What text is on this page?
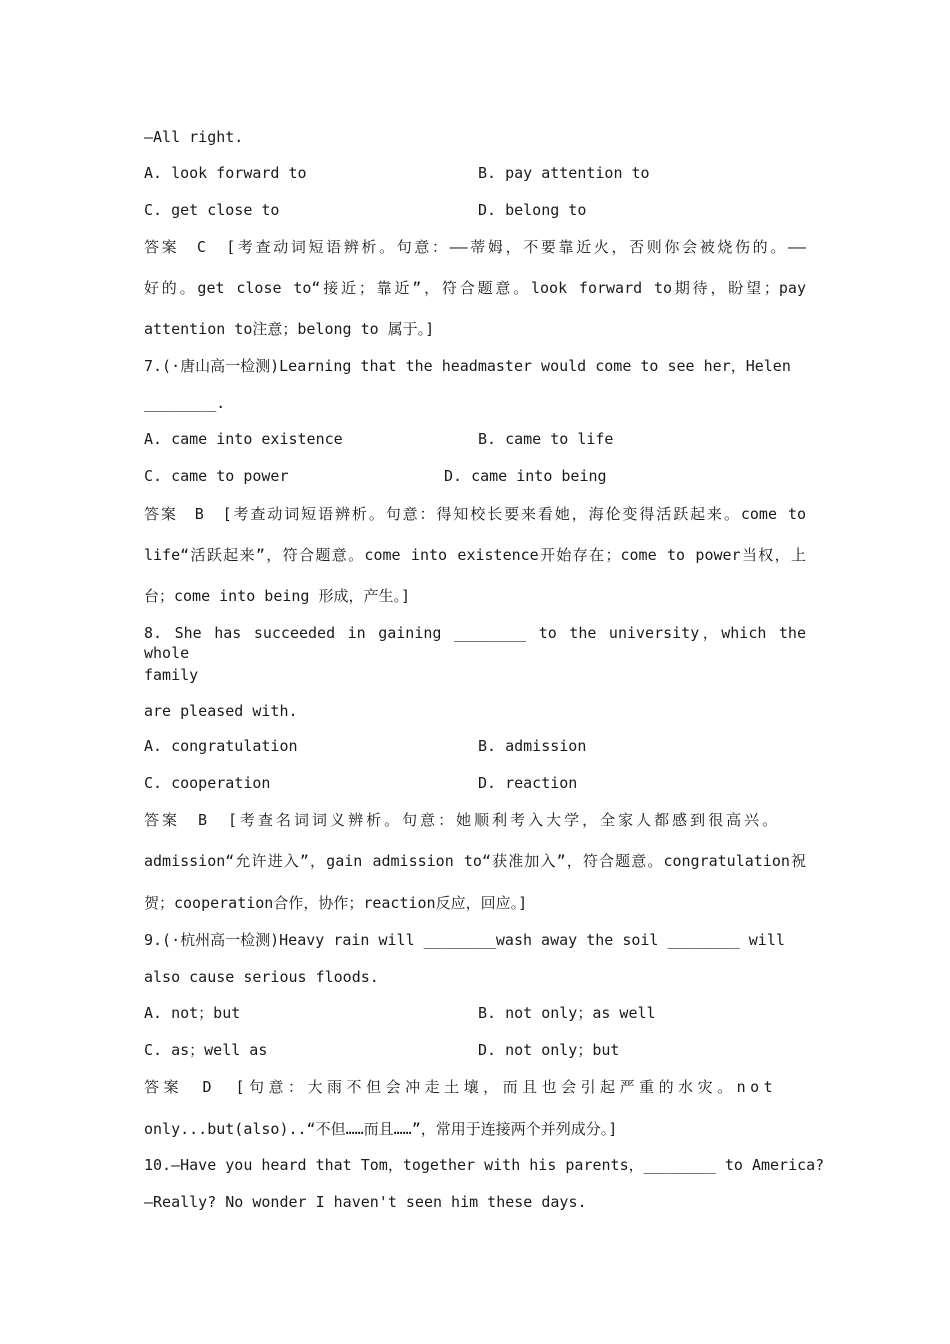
—All right.
A. look forward to	B. pay attention to
C. get close to	D. belong to
答案　C　[考查动词短语辨析。句意：——蒂姆，不要靠近火，否则你会被烧伤的。——
好的。get close to“接近；靠近”，符合题意。look forward to期待，盼望；pay
attention to注意；belong to 属于。]
7.(·唐山高一检测)Learning that the headmaster would come to see her，Helen
________.
A. came into existence	B. came to life
C. came to power	D. came into being
答案　B　[考查动词短语辨析。句意：得知校长要来看她，海伦变得活跃起来。come to
life“活跃起来”，符合题意。come into existence开始存在；come to power当权，上
台；come into being 形成，产生。]
8. She has succeeded in gaining ________ to the university，which the whole
family
are pleased with.
A. congratulation	B. admission
C. cooperation	D. reaction
答案　B　[考查名词词义辨析。句意：她顺利考入大学，全家人都感到很高兴。
admission“允许进入”，gain admission to“获准加入”，符合题意。congratulation祝
贺；cooperation合作，协作；reaction反应，回应。]
9.(·杭州高一检测)Heavy rain will ________wash away the soil ________ will
also cause serious floods.
A. not；but	B. not only；as well
C. as；well as	D. not only；but
答案　D　[句意：大雨不但会冲走土壤，而且也会引起严重的水灾。not
only...but(also)..“不但……而且……”，常用于连接两个并列成分。]
10.—Have you heard that Tom，together with his parents，________ to America?
—Really? No wonder I haven't seen him these days.
